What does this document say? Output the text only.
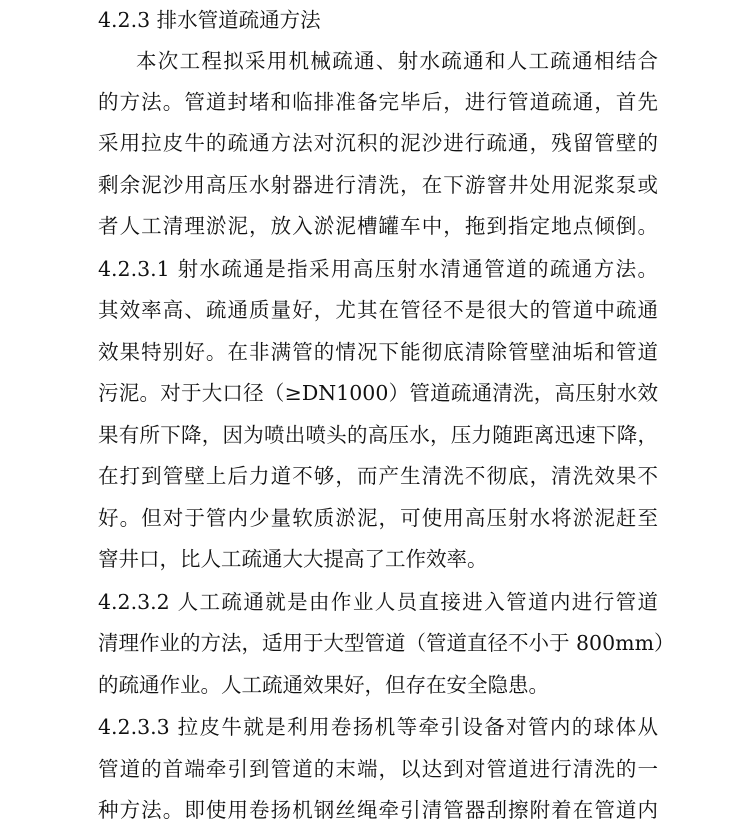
4.2.3 排水管道疏通方法
本次工程拟采用机械疏通、射水疏通和人工疏通相结合
的方法。管道封堵和临排准备完毕后，进行管道疏通，首先
采用拉皮牛的疏通方法对沉积的泥沙进行疏通，残留管壁的
剩余泥沙用高压水射器进行清洗，在下游窨井处用泥浆泵或
者人工清理淤泥，放入淤泥槽罐车中，拖到指定地点倾倒。
4.2.3.1 射水疏通是指采用高压射水清通管道的疏通方法。
其效率高、疏通质量好，尤其在管径不是很大的管道中疏通
效果特别好。在非满管的情况下能彻底清除管壁油垢和管道
污泥。对于大口径（≥DN1000）管道疏通清洗，高压射水效
果有所下降，因为喷出喷头的高压水，压力随距离迅速下降，
在打到管壁上后力道不够，而产生清洗不彻底，清洗效果不
好。但对于管内少量软质淤泥，可使用高压射水将淤泥赶至
窨井口，比人工疏通大大提高了工作效率。
4.2.3.2 人工疏通就是由作业人员直接进入管道内进行管道
清理作业的方法，适用于大型管道（管道直径不小于 800mm）
的疏通作业。人工疏通效果好，但存在安全隐患。
4.2.3.3 拉皮牛就是利用卷扬机等牵引设备对管内的球体从
管道的首端牵引到管道的末端，以达到对管道进行清洗的一
种方法。即使用卷扬机钢丝绳牵引清管器刮擦附着在管道内
